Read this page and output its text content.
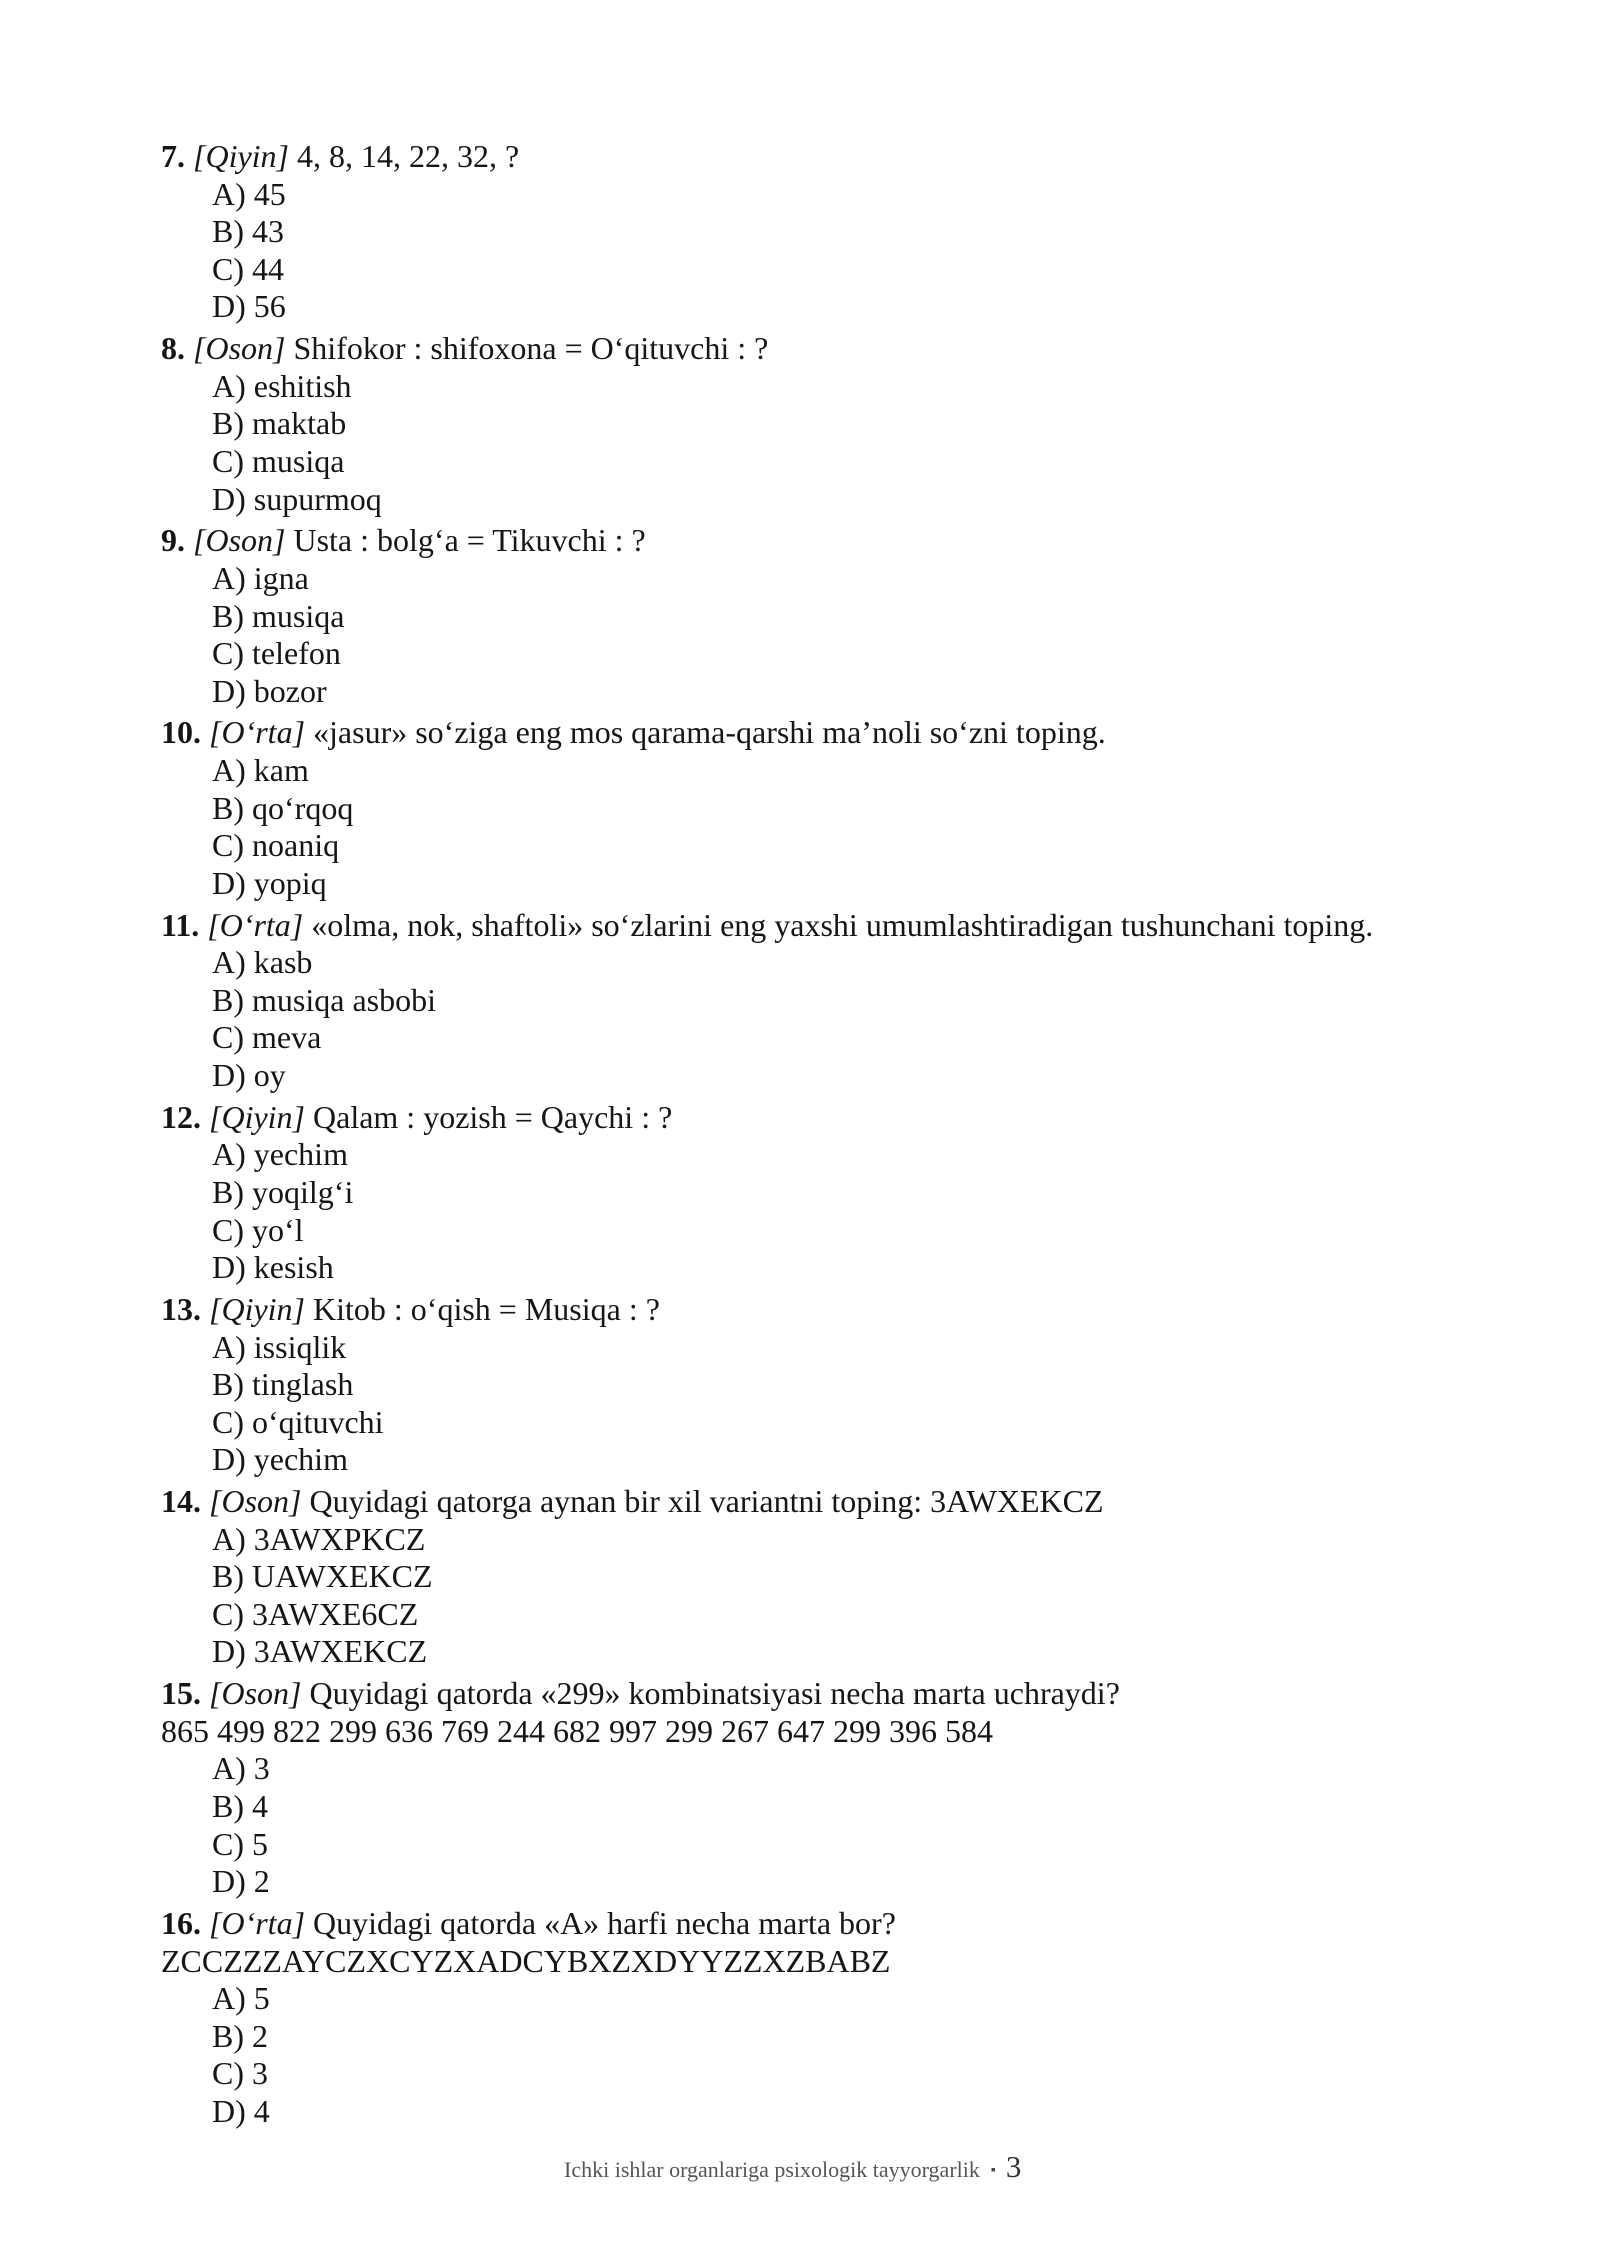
7. [Qiyin] 4, 8, 14, 22, 32, ?
A) 45
B) 43
C) 44
D) 56
8. [Oson] Shifokor : shifoxona = O‘qituvchi : ?
A) eshitish
B) maktab
C) musiqa
D) supurmoq
9. [Oson] Usta : bolg‘a = Tikuvchi : ?
A) igna
B) musiqa
C) telefon
D) bozor
10. [O‘rta] «jasur» so‘ziga eng mos qarama-qarshi ma’noli so‘zni toping.
A) kam
B) qo‘rqoq
C) noaniq
D) yopiq
11. [O‘rta] «olma, nok, shaftoli» so‘zlarini eng yaxshi umumlashtiradigan tushunchani toping.
A) kasb
B) musiqa asbobi
C) meva
D) oy
12. [Qiyin] Qalam : yozish = Qaychi : ?
A) yechim
B) yoqilg‘i
C) yo‘l
D) kesish
13. [Qiyin] Kitob : o‘qish = Musiqa : ?
A) issiqlik
B) tinglash
C) o‘qituvchi
D) yechim
14. [Oson] Quyidagi qatorga aynan bir xil variantni toping: 3AWXEKCZ
A) 3AWXPKCZ
B) UAWXEKCZ
C) 3AWXE6CZ
D) 3AWXEKCZ
15. [Oson] Quyidagi qatorda «299» kombinatsiyasi necha marta uchraydi?
865 499 822 299 636 769 244 682 997 299 267 647 299 396 584
A) 3
B) 4
C) 5
D) 2
16. [O‘rta] Quyidagi qatorda «A» harfi necha marta bor?
ZCCZZZAYCZXCYZXADCYBXZXDYYZZXZBABZ
A) 5
B) 2
C) 3
D) 4
Ichki ishlar organlariga psixologik tayyorgarlik ▪ 3
